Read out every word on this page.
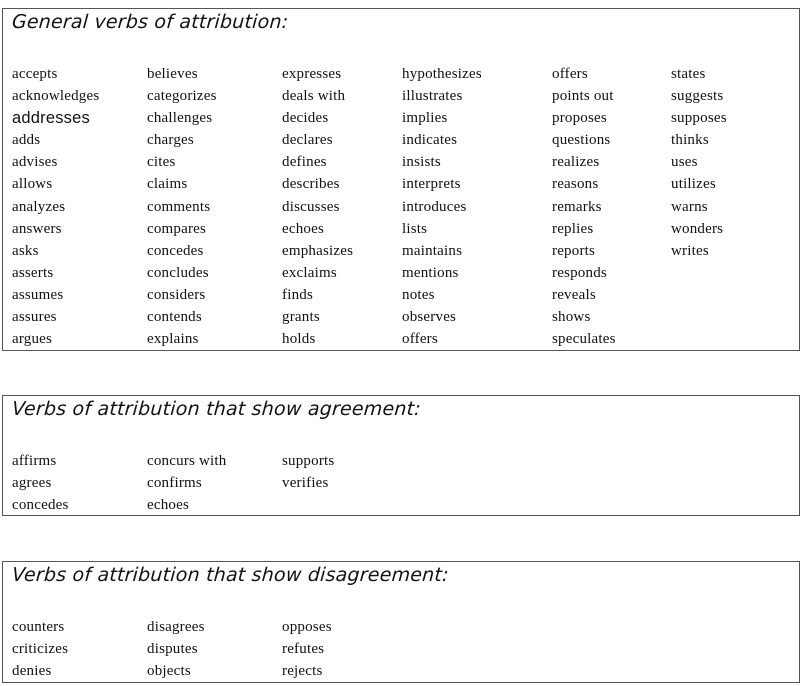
General verbs of attribution:
accepts
acknowledges
addresses
adds
advises
allows
analyzes
answers
asks
asserts
assumes
assures
argues
believes
categorizes
challenges
charges
cites
claims
comments
compares
concedes
concludes
considers
contends
explains
expresses
deals with
decides
declares
defines
describes
discusses
echoes
emphasizes
exclaims
finds
grants
holds
hypothesizes
illustrates
implies
indicates
insists
interprets
introduces
lists
maintains
mentions
notes
observes
offers
offers
points out
proposes
questions
realizes
reasons
remarks
replies
reports
responds
reveals
shows
speculates
states
suggests
supposes
thinks
uses
utilizes
warns
wonders
writes
Verbs of attribution that show agreement:
affirms
agrees
concedes
concurs with
confirms
echoes
supports
verifies
Verbs of attribution that show disagreement:
counters
criticizes
denies
disagrees
disputes
objects
opposes
refutes
rejects
